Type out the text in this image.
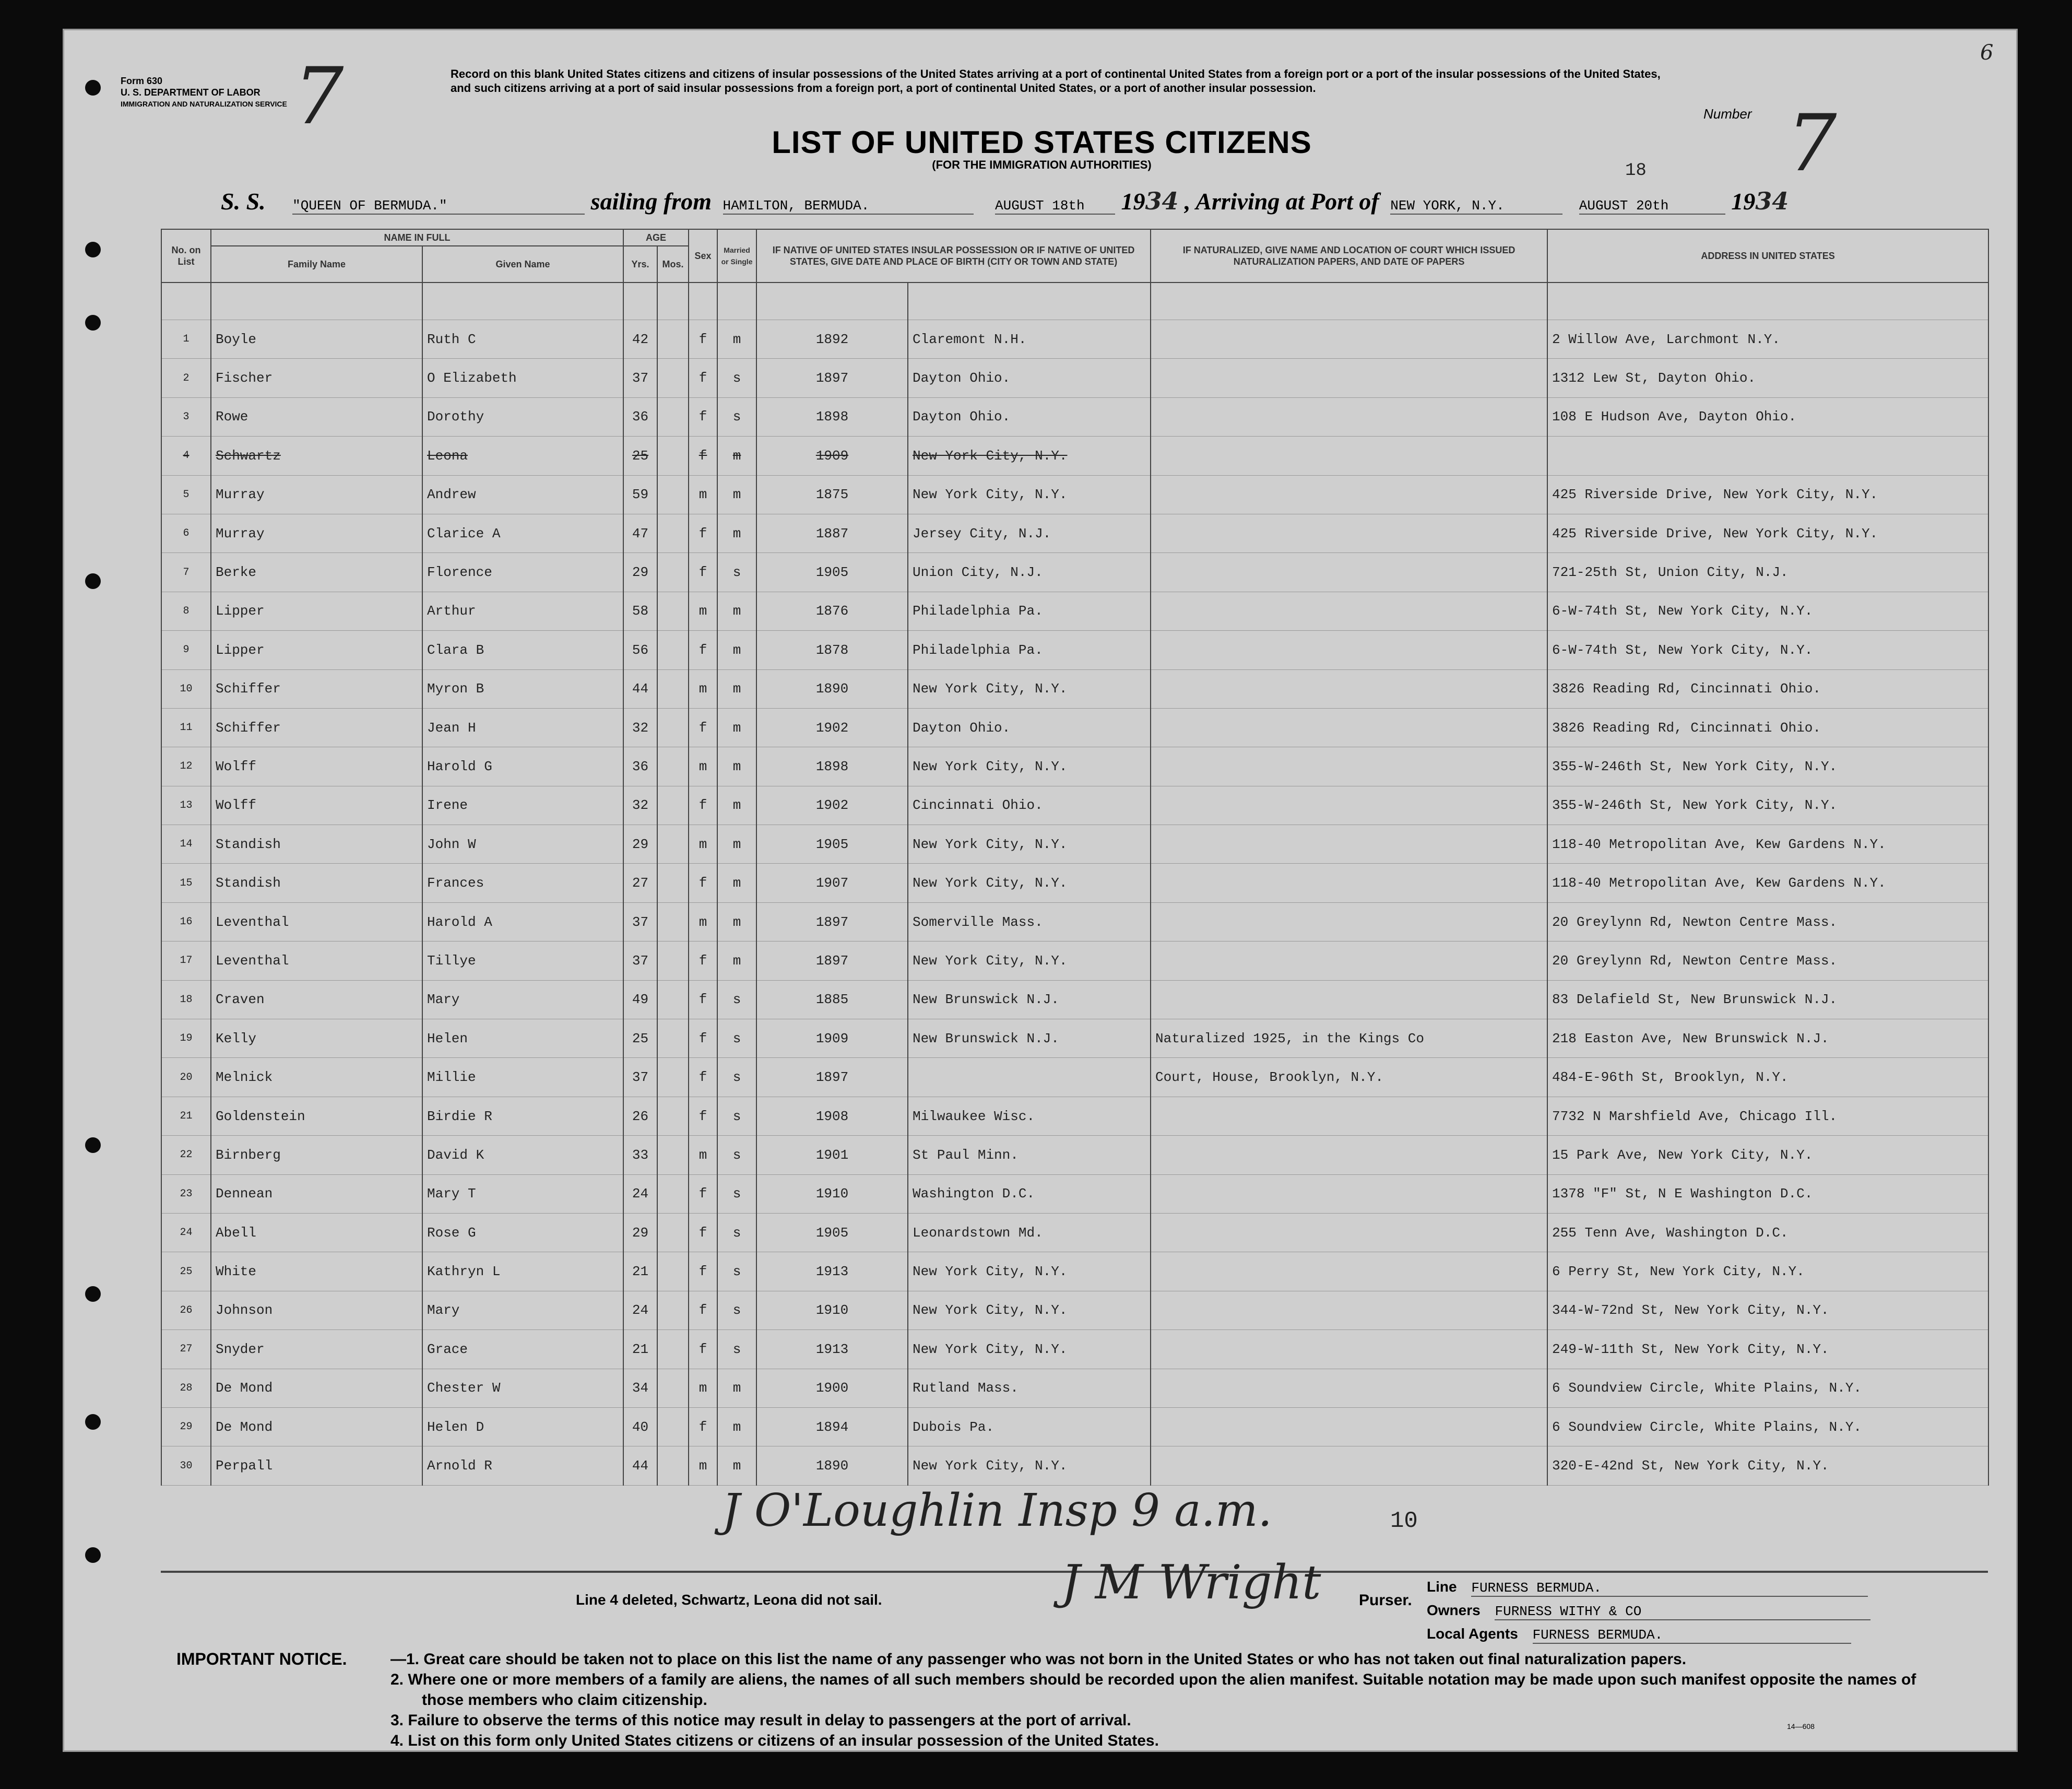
Form 630
U. S. DEPARTMENT OF LABOR
IMMIGRATION AND NATURALIZATION SERVICE 7	Record on this blank United States citizens and citizens of insular possessions of the United States arriving at a port of continental United States from a foreign port or a port of the insular possessions of the United States, and such citizens arriving at a port of said insular possessions from a foreign port, a port of continental United States, or a port of another insular possession.
Number 7
6
LIST OF UNITED STATES CITIZENS
(FOR THE IMMIGRATION AUTHORITIES)	18
S. S. "QUEEN OF BERMUDA."	sailing from HAMILTON, BERMUDA.	AUGUST 18th 1934 , Arriving at Port of NEW YORK, N.Y.	AUGUST 20th	1934
No. on List	NAME IN FULL		AGE		Sex	Married or Single	IF NATIVE OF UNITED STATES INSULAR POSSESSION OR IF NATIVE OF UNITED STATES, GIVE DATE AND PLACE OF BIRTH (CITY OR TOWN AND STATE)		IF NATURALIZED, GIVE NAME AND LOCATION OF COURT WHICH ISSUED NATURALIZATION PAPERS, AND DATE OF PAPERS	ADDRESS IN UNITED STATES
	Family Name	Given Name	Yrs.	Mos.						

1	Boyle	Ruth C	42		f	m	1892	Claremont N.H.		2 Willow Ave, Larchmont N.Y.
2	Fischer	O Elizabeth	37		f	s	1897	Dayton Ohio.		1312 Lew St, Dayton Ohio.
3	Rowe	Dorothy	36		f	s	1898	Dayton Ohio.		108 E Hudson Ave, Dayton Ohio.
4	Schwartz	Leona	25		f	m	1909	New York City, N.Y.		
5	Murray	Andrew	59		m	m	1875	New York City, N.Y.		425 Riverside Drive, New York City, N.Y.
6	Murray	Clarice A	47		f	m	1887	Jersey City, N.J.		425 Riverside Drive, New York City, N.Y.
7	Berke	Florence	29		f	s	1905	Union City, N.J.		721-25th St, Union City, N.J.
8	Lipper	Arthur	58		m	m	1876	Philadelphia Pa.		6-W-74th St, New York City, N.Y.
9	Lipper	Clara B	56		f	m	1878	Philadelphia Pa.		6-W-74th St, New York City, N.Y.
10	Schiffer	Myron B	44		m	m	1890	New York City, N.Y.		3826 Reading Rd, Cincinnati Ohio.
11	Schiffer	Jean H	32		f	m	1902	Dayton Ohio.		3826 Reading Rd, Cincinnati Ohio.
12	Wolff	Harold G	36		m	m	1898	New York City, N.Y.		355-W-246th St, New York City, N.Y.
13	Wolff	Irene	32		f	m	1902	Cincinnati Ohio.		355-W-246th St, New York City, N.Y.
14	Standish	John W	29		m	m	1905	New York City, N.Y.		118-40 Metropolitan Ave, Kew Gardens N.Y.
15	Standish	Frances	27		f	m	1907	New York City, N.Y.		118-40 Metropolitan Ave, Kew Gardens N.Y.
16	Leventhal	Harold A	37		m	m	1897	Somerville Mass.		20 Greylynn Rd, Newton Centre Mass.
17	Leventhal	Tillye	37		f	m	1897	New York City, N.Y.		20 Greylynn Rd, Newton Centre Mass.
18	Craven	Mary	49		f	s	1885	New Brunswick N.J.		83 Delafield St, New Brunswick N.J.
19	Kelly	Helen	25		f	s	1909	New Brunswick N.J.	Naturalized 1925, in the Kings Co	218 Easton Ave, New Brunswick N.J.
20	Melnick	Millie	37		f	s	1897		Court, House, Brooklyn, N.Y.	484-E-96th St, Brooklyn, N.Y.
21	Goldenstein	Birdie R	26		f	s	1908	Milwaukee Wisc.		7732 N Marshfield Ave, Chicago Ill.
22	Birnberg	David K	33		m	s	1901	St Paul Minn.		15 Park Ave, New York City, N.Y.
23	Dennean	Mary T	24		f	s	1910	Washington D.C.		1378 "F" St, N E Washington D.C.
24	Abell	Rose G	29		f	s	1905	Leonardstown Md.		255 Tenn Ave, Washington D.C.
25	White	Kathryn L	21		f	s	1913	New York City, N.Y.		6 Perry St, New York City, N.Y.
26	Johnson	Mary	24		f	s	1910	New York City, N.Y.		344-W-72nd St, New York City, N.Y.
27	Snyder	Grace	21		f	s	1913	New York City, N.Y.		249-W-11th St, New York City, N.Y.
28	De Mond	Chester W	34		m	m	1900	Rutland Mass.		6 Soundview Circle, White Plains, N.Y.
29	De Mond	Helen D	40		f	m	1894	Dubois Pa.		6 Soundview Circle, White Plains, N.Y.
30	Perpall	Arnold R	44		m	m	1890	New York City, N.Y.		320-E-42nd St, New York City, N.Y.
J O'Loughlin Insp 9 a.m.	10
Line 4 deleted, Schwartz, Leona did not sail.	J M Wright Purser.
Line FURNESS BERMUDA.
Owners FURNESS WITHY & CO
Local Agents FURNESS BERMUDA.
IMPORTANT NOTICE.	—1. Great care should be taken not to place on this list the name of any passenger who was not born in the United States or who has not taken out final naturalization papers.
2. Where one or more members of a family are aliens, the names of all such members should be recorded upon the alien manifest. Suitable notation may be made upon such manifest opposite the names of those members who claim citizenship.
3. Failure to observe the terms of this notice may result in delay to passengers at the port of arrival.
4. List on this form only United States citizens or citizens of an insular possession of the United States.
14—608
